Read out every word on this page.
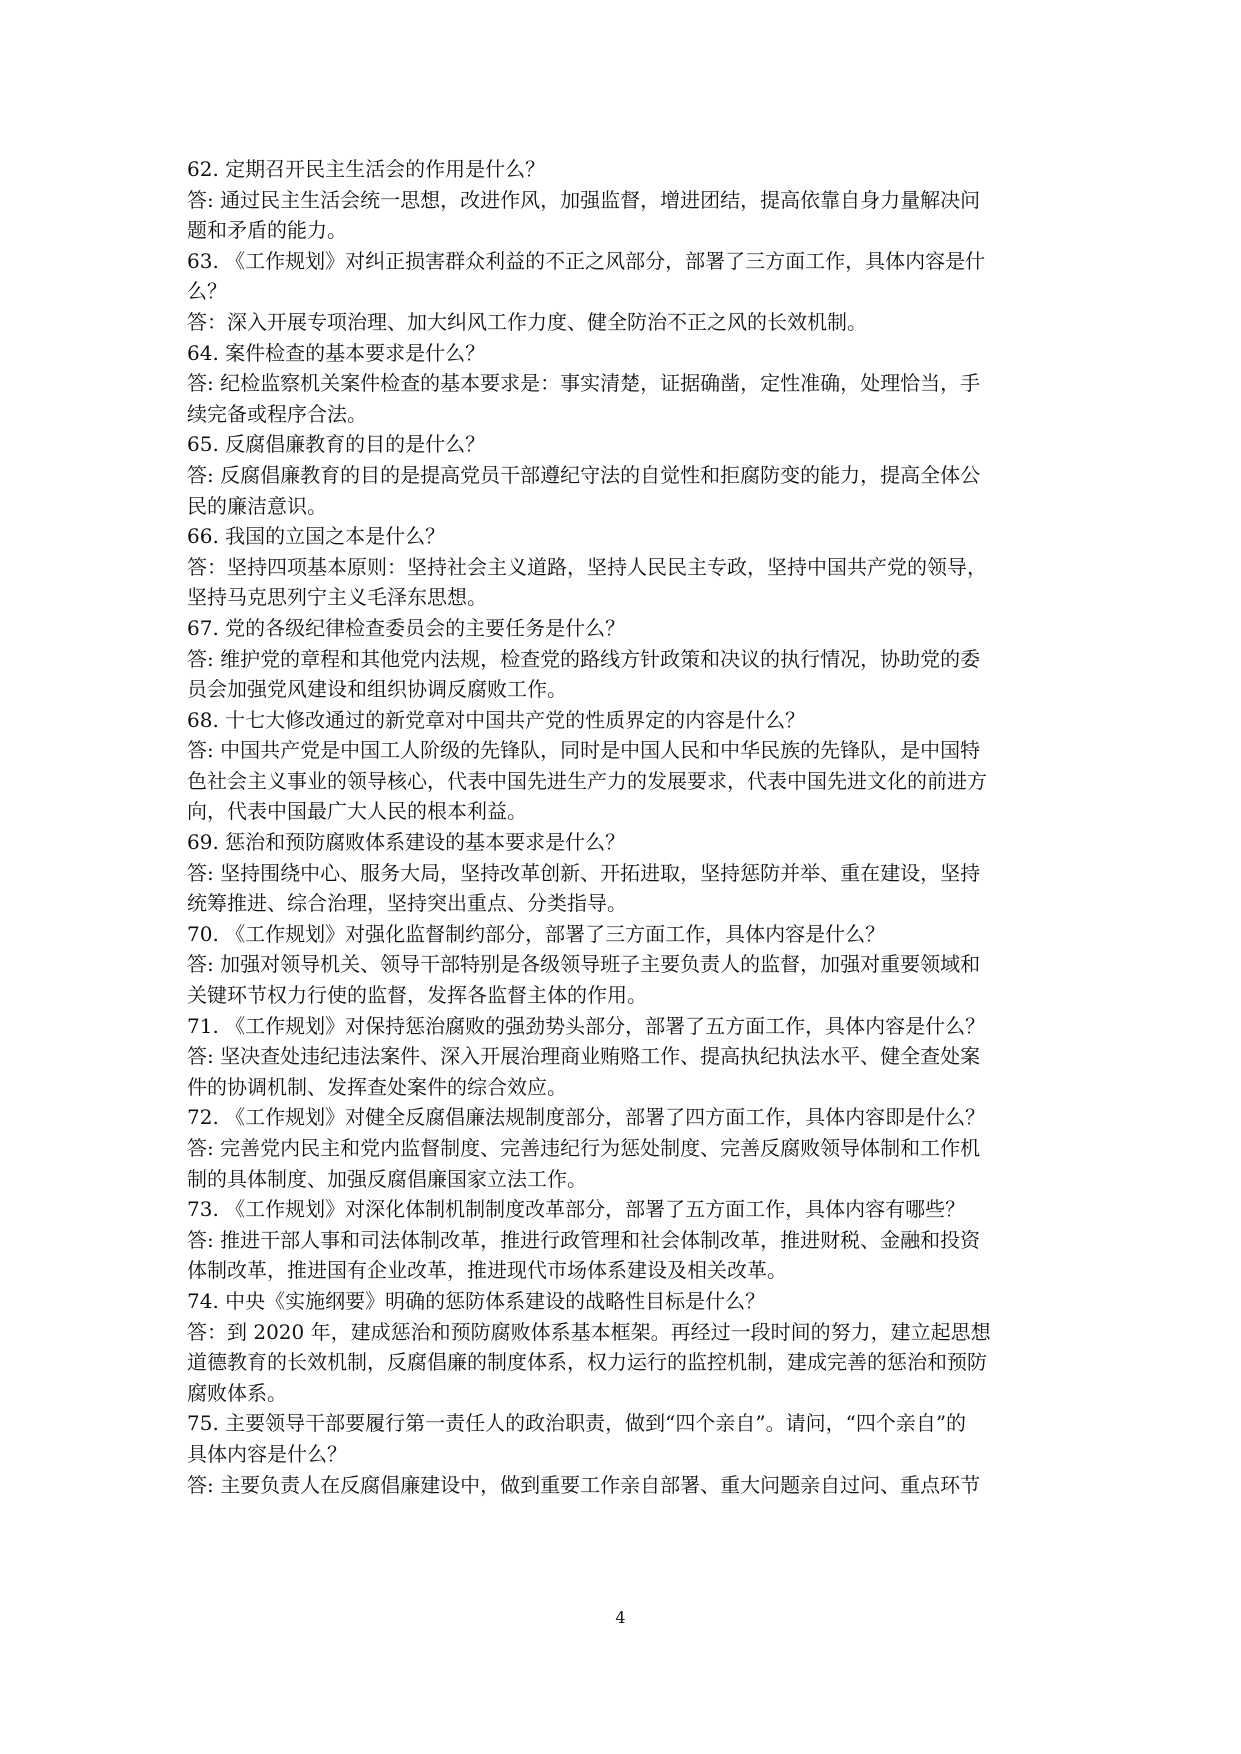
62. 定期召开民主生活会的作用是什么？
答: 通过民主生活会统一思想，改进作风，加强监督，增进团结，提高依靠自身力量解决问
题和矛盾的能力。
63. 《工作规划》对纠正损害群众利益的不正之风部分，部署了三方面工作，具体内容是什
么？
答：深入开展专项治理、加大纠风工作力度、健全防治不正之风的长效机制。
64. 案件检查的基本要求是什么？
答: 纪检监察机关案件检查的基本要求是：事实清楚，证据确凿，定性准确，处理恰当，手
续完备或程序合法。
65. 反腐倡廉教育的目的是什么？
答: 反腐倡廉教育的目的是提高党员干部遵纪守法的自觉性和拒腐防变的能力，提高全体公
民的廉洁意识。
66. 我国的立国之本是什么？
答：坚持四项基本原则：坚持社会主义道路，坚持人民民主专政，坚持中国共产党的领导，
坚持马克思列宁主义毛泽东思想。
67. 党的各级纪律检查委员会的主要任务是什么？
答: 维护党的章程和其他党内法规，检查党的路线方针政策和决议的执行情况，协助党的委
员会加强党风建设和组织协调反腐败工作。
68. 十七大修改通过的新党章对中国共产党的性质界定的内容是什么？
答: 中国共产党是中国工人阶级的先锋队，同时是中国人民和中华民族的先锋队，是中国特
色社会主义事业的领导核心，代表中国先进生产力的发展要求，代表中国先进文化的前进方
向，代表中国最广大人民的根本利益。
69. 惩治和预防腐败体系建设的基本要求是什么？
答: 坚持围绕中心、服务大局，坚持改革创新、开拓进取，坚持惩防并举、重在建设，坚持
统筹推进、综合治理，坚持突出重点、分类指导。
70. 《工作规划》对强化监督制约部分，部署了三方面工作，具体内容是什么？
答: 加强对领导机关、领导干部特别是各级领导班子主要负责人的监督，加强对重要领域和
关键环节权力行使的监督，发挥各监督主体的作用。
71. 《工作规划》对保持惩治腐败的强劲势头部分，部署了五方面工作，具体内容是什么？
答: 坚决查处违纪违法案件、深入开展治理商业贿赂工作、提高执纪执法水平、健全查处案
件的协调机制、发挥查处案件的综合效应。
72. 《工作规划》对健全反腐倡廉法规制度部分，部署了四方面工作，具体内容即是什么？
答: 完善党内民主和党内监督制度、完善违纪行为惩处制度、完善反腐败领导体制和工作机
制的具体制度、加强反腐倡廉国家立法工作。
73. 《工作规划》对深化体制机制制度改革部分，部署了五方面工作，具体内容有哪些？
答: 推进干部人事和司法体制改革，推进行政管理和社会体制改革，推进财税、金融和投资
体制改革，推进国有企业改革，推进现代市场体系建设及相关改革。
74. 中央《实施纲要》明确的惩防体系建设的战略性目标是什么？
答：到 2020 年，建成惩治和预防腐败体系基本框架。再经过一段时间的努力，建立起思想
道德教育的长效机制，反腐倡廉的制度体系，权力运行的监控机制，建成完善的惩治和预防
腐败体系。
75. 主要领导干部要履行第一责任人的政治职责，做到“四个亲自”。请问，“四个亲自”的
具体内容是什么？
答: 主要负责人在反腐倡廉建设中，做到重要工作亲自部署、重大问题亲自过问、重点环节
4
